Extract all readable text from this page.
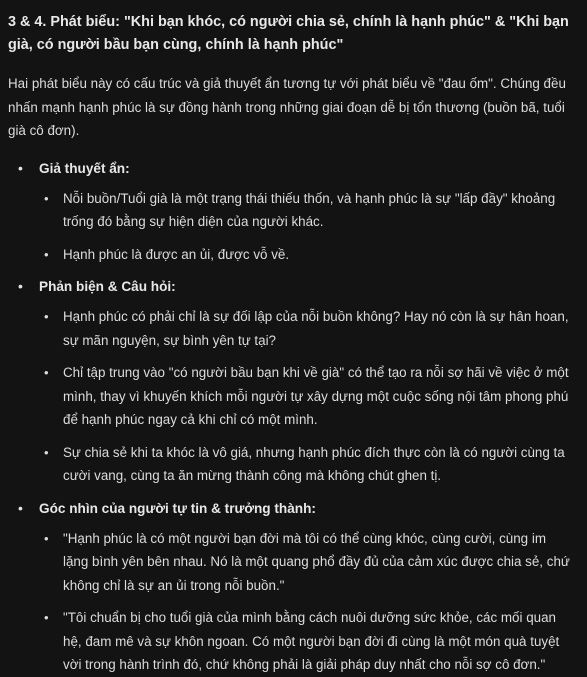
3 & 4. Phát biểu: "Khi bạn khóc, có người chia sẻ, chính là hạnh phúc" & "Khi bạn già, có người bầu bạn cùng, chính là hạnh phúc"

Hai phát biểu này có cấu trúc và giả thuyết ẩn tương tự với phát biểu về "đau ốm". Chúng đều nhấn mạnh hạnh phúc là sự đồng hành trong những giai đoạn dễ bị tổn thương (buồn bã, tuổi già cô đơn).

• Giả thuyết ẩn:
• Nỗi buồn/Tuổi già là một trạng thái thiếu thốn, và hạnh phúc là sự "lấp đầy" khoảng trống đó bằng sự hiện diện của người khác.
• Hạnh phúc là được an ủi, được vỗ về.
• Phản biện & Câu hỏi:
• Hạnh phúc có phải chỉ là sự đối lập của nỗi buồn không? Hay nó còn là sự hân hoan, sự mãn nguyện, sự bình yên tự tại?
• Chỉ tập trung vào "có người bầu bạn khi về già" có thể tạo ra nỗi sợ hãi về việc ở một mình, thay vì khuyến khích mỗi người tự xây dựng một cuộc sống nội tâm phong phú để hạnh phúc ngay cả khi chỉ có một mình.
• Sự chia sẻ khi ta khóc là vô giá, nhưng hạnh phúc đích thực còn là có người cùng ta cười vang, cùng ta ăn mừng thành công mà không chút ghen tị.
• Góc nhìn của người tự tin & trưởng thành:
• "Hạnh phúc là có một người bạn đời mà tôi có thể cùng khóc, cùng cười, cùng im lặng bình yên bên nhau. Nó là một quang phổ đầy đủ của cảm xúc được chia sẻ, chứ không chỉ là sự an ủi trong nỗi buồn."
• "Tôi chuẩn bị cho tuổi già của mình bằng cách nuôi dưỡng sức khỏe, các mối quan hệ, đam mê và sự khôn ngoan. Có một người bạn đời đi cùng là một món quà tuyệt vời trong hành trình đó, chứ không phải là giải pháp duy nhất cho nỗi sợ cô đơn."
